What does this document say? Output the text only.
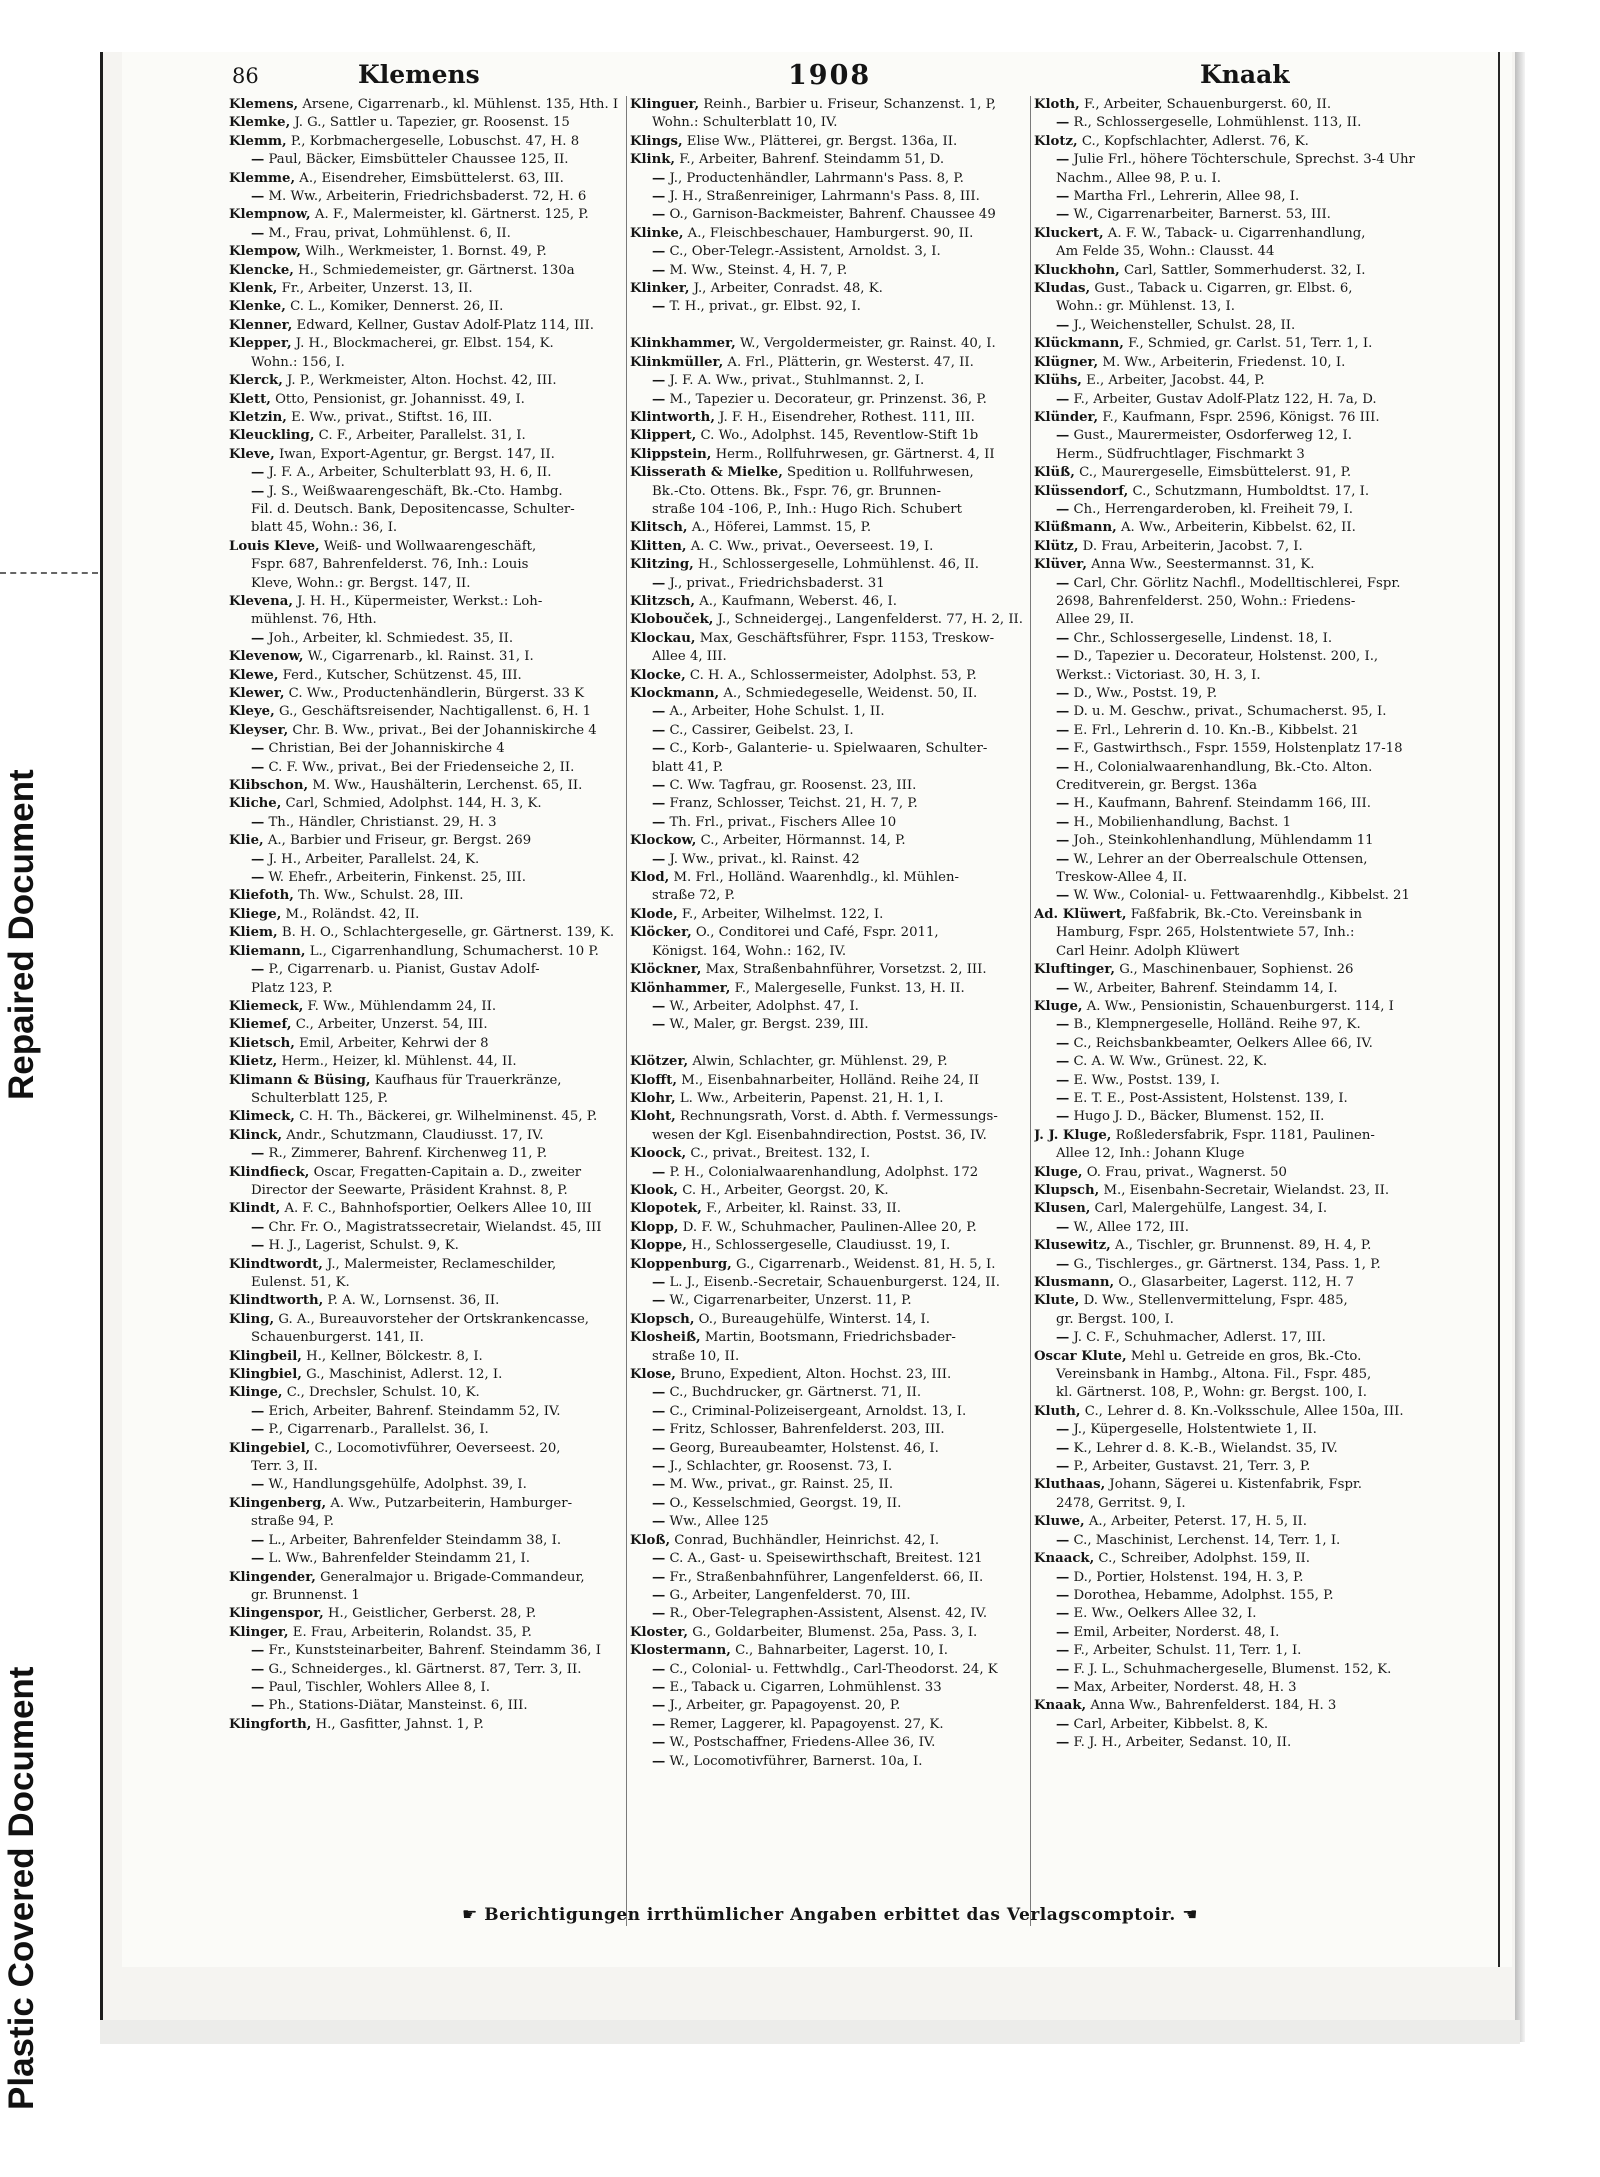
Repaired Document
Plastic Covered Document
86	Klemens	1908	Knaak
Klemens, Arsene, Cigarrenarb., kl. Mühlenst. 135, Hth. I
Klemke, J. G., Sattler u. Tapezier, gr. Roosenst. 15
Klemm, P., Korbmachergeselle, Lobuschst. 47, H. 8
— Paul, Bäcker, Eimsbütteler Chaussee 125, II.
Klemme, A., Eisendreher, Eimsbüttelerst. 63, III.
— M. Ww., Arbeiterin, Friedrichsbaderst. 72, H. 6
Klempnow, A. F., Malermeister, kl. Gärtnerst. 125, P.
— M., Frau, privat, Lohmühlenst. 6, II.
Klempow, Wilh., Werkmeister, 1. Bornst. 49, P.
Klencke, H., Schmiedemeister, gr. Gärtnerst. 130a
Klenk, Fr., Arbeiter, Unzerst. 13, II.
Klenke, C. L., Komiker, Dennerst. 26, II.
Klenner, Edward, Kellner, Gustav Adolf-Platz 114, III.
Klepper, J. H., Blockmacherei, gr. Elbst. 154, K.
Wohn.: 156, I.
Klerck, J. P., Werkmeister, Alton. Hochst. 42, III.
Klett, Otto, Pensionist, gr. Johannisst. 49, I.
Kletzin, E. Ww., privat., Stiftst. 16, III.
Kleuckling, C. F., Arbeiter, Parallelst. 31, I.
Kleve, Iwan, Export-Agentur, gr. Bergst. 147, II.
— J. F. A., Arbeiter, Schulterblatt 93, H. 6, II.
— J. S., Weißwaarengeschäft, Bk.-Cto. Hambg.
Fil. d. Deutsch. Bank, Depositencasse, Schulter-
blatt 45, Wohn.: 36, I.
Louis Kleve, Weiß- und Wollwaarengeschäft,
Fspr. 687, Bahrenfelderst. 76, Inh.: Louis
Kleve, Wohn.: gr. Bergst. 147, II.
Klevena, J. H. H., Küpermeister, Werkst.: Loh-
mühlenst. 76, Hth.
— Joh., Arbeiter, kl. Schmiedest. 35, II.
Klevenow, W., Cigarrenarb., kl. Rainst. 31, I.
Klewe, Ferd., Kutscher, Schützenst. 45, III.
Klewer, C. Ww., Productenhändlerin, Bürgerst. 33 K
Kleye, G., Geschäftsreisender, Nachtigallenst. 6, H. 1
Kleyser, Chr. B. Ww., privat., Bei der Johanniskirche 4
— Christian, Bei der Johanniskirche 4
— C. F. Ww., privat., Bei der Friedenseiche 2, II.
Klibschon, M. Ww., Haushälterin, Lerchenst. 65, II.
Kliche, Carl, Schmied, Adolphst. 144, H. 3, K.
— Th., Händler, Christianst. 29, H. 3
Klie, A., Barbier und Friseur, gr. Bergst. 269
— J. H., Arbeiter, Parallelst. 24, K.
— W. Ehefr., Arbeiterin, Finkenst. 25, III.
Kliefoth, Th. Ww., Schulst. 28, III.
Kliege, M., Roländst. 42, II.
Kliem, B. H. O., Schlachtergeselle, gr. Gärtnerst. 139, K.
Kliemann, L., Cigarrenhandlung, Schumacherst. 10 P.
— P., Cigarrenarb. u. Pianist, Gustav Adolf-
Platz 123, P.
Kliemeck, F. Ww., Mühlendamm 24, II.
Kliemef, C., Arbeiter, Unzerst. 54, III.
Klietsch, Emil, Arbeiter, Kehrwi der 8
Klietz, Herm., Heizer, kl. Mühlenst. 44, II.
Klimann & Büsing, Kaufhaus für Trauerkränze,
Schulterblatt 125, P.
Klimeck, C. H. Th., Bäckerei, gr. Wilhelminenst. 45, P.
Klinck, Andr., Schutzmann, Claudiusst. 17, IV.
— R., Zimmerer, Bahrenf. Kirchenweg 11, P.
Klindfieck, Oscar, Fregatten-Capitain a. D., zweiter
Director der Seewarte, Präsident Krahnst. 8, P.
Klindt, A. F. C., Bahnhofsportier, Oelkers Allee 10, III
— Chr. Fr. O., Magistratssecretair, Wielandst. 45, III
— H. J., Lagerist, Schulst. 9, K.
Klindtwordt, J., Malermeister, Reclameschilder,
Eulenst. 51, K.
Klindtworth, P. A. W., Lornsenst. 36, II.
Kling, G. A., Bureauvorsteher der Ortskrankencasse,
Schauenburgerst. 141, II.
Klingbeil, H., Kellner, Bölckestr. 8, I.
Klingbiel, G., Maschinist, Adlerst. 12, I.
Klinge, C., Drechsler, Schulst. 10, K.
— Erich, Arbeiter, Bahrenf. Steindamm 52, IV.
— P., Cigarrenarb., Parallelst. 36, I.
Klingebiel, C., Locomotivführer, Oeverseest. 20,
Terr. 3, II.
— W., Handlungsgehülfe, Adolphst. 39, I.
Klingenberg, A. Ww., Putzarbeiterin, Hamburger-
straße 94, P.
— L., Arbeiter, Bahrenfelder Steindamm 38, I.
— L. Ww., Bahrenfelder Steindamm 21, I.
Klingender, Generalmajor u. Brigade-Commandeur,
gr. Brunnenst. 1
Klingenspor, H., Geistlicher, Gerberst. 28, P.
Klinger, E. Frau, Arbeiterin, Rolandst. 35, P.
— Fr., Kunststeinarbeiter, Bahrenf. Steindamm 36, I
— G., Schneiderges., kl. Gärtnerst. 87, Terr. 3, II.
— Paul, Tischler, Wohlers Allee 8, I.
— Ph., Stations-Diätar, Mansteinst. 6, III.
Klingforth, H., Gasfitter, Jahnst. 1, P.
Klinguer, Reinh., Barbier u. Friseur, Schanzenst. 1, P,
Wohn.: Schulterblatt 10, IV.
Klings, Elise Ww., Plätterei, gr. Bergst. 136a, II.
Klink, F., Arbeiter, Bahrenf. Steindamm 51, D.
— J., Productenhändler, Lahrmann's Pass. 8, P.
— J. H., Straßenreiniger, Lahrmann's Pass. 8, III.
— O., Garnison-Backmeister, Bahrenf. Chaussee 49
Klinke, A., Fleischbeschauer, Hamburgerst. 90, II.
— C., Ober-Telegr.-Assistent, Arnoldst. 3, I.
— M. Ww., Steinst. 4, H. 7, P.
Klinker, J., Arbeiter, Conradst. 48, K.
— T. H., privat., gr. Elbst. 92, I.

Klinkhammer, W., Vergoldermeister, gr. Rainst. 40, I.
Klinkmüller, A. Frl., Plätterin, gr. Westerst. 47, II.
— J. F. A. Ww., privat., Stuhlmannst. 2, I.
— M., Tapezier u. Decorateur, gr. Prinzenst. 36, P.
Klintworth, J. F. H., Eisendreher, Rothest. 111, III.
Klippert, C. Wo., Adolphst. 145, Reventlow-Stift 1b
Klippstein, Herm., Rollfuhrwesen, gr. Gärtnerst. 4, II
Klisserath & Mielke, Spedition u. Rollfuhrwesen,
Bk.-Cto. Ottens. Bk., Fspr. 76, gr. Brunnen-
straße 104 -106, P., Inh.: Hugo Rich. Schubert
Klitsch, A., Höferei, Lammst. 15, P.
Klitten, A. C. Ww., privat., Oeverseest. 19, I.
Klitzing, H., Schlossergeselle, Lohmühlenst. 46, II.
— J., privat., Friedrichsbaderst. 31
Klitzsch, A., Kaufmann, Weberst. 46, I.
Klobouček, J., Schneidergej., Langenfelderst. 77, H. 2, II.
Klockau, Max, Geschäftsführer, Fspr. 1153, Treskow-
Allee 4, III.
Klocke, C. H. A., Schlossermeister, Adolphst. 53, P.
Klockmann, A., Schmiedegeselle, Weidenst. 50, II.
— A., Arbeiter, Hohe Schulst. 1, II.
— C., Cassirer, Geibelst. 23, I.
— C., Korb-, Galanterie- u. Spielwaaren, Schulter-
blatt 41, P.
— C. Ww. Tagfrau, gr. Roosenst. 23, III.
— Franz, Schlosser, Teichst. 21, H. 7, P.
— Th. Frl., privat., Fischers Allee 10
Klockow, C., Arbeiter, Hörmannst. 14, P.
— J. Ww., privat., kl. Rainst. 42
Klod, M. Frl., Holländ. Waarenhdlg., kl. Mühlen-
straße 72, P.
Klode, F., Arbeiter, Wilhelmst. 122, I.
Klöcker, O., Conditorei und Café, Fspr. 2011,
Königst. 164, Wohn.: 162, IV.
Klöckner, Max, Straßenbahnführer, Vorsetzst. 2, III.
Klönhammer, F., Malergeselle, Funkst. 13, H. II.
— W., Arbeiter, Adolphst. 47, I.
— W., Maler, gr. Bergst. 239, III.

Klötzer, Alwin, Schlachter, gr. Mühlenst. 29, P.
Klofft, M., Eisenbahnarbeiter, Holländ. Reihe 24, II
Klohr, L. Ww., Arbeiterin, Papenst. 21, H. 1, I.
Kloht, Rechnungsrath, Vorst. d. Abth. f. Vermessungs-
wesen der Kgl. Eisenbahndirection, Postst. 36, IV.
Kloock, C., privat., Breitest. 132, I.
— P. H., Colonialwaarenhandlung, Adolphst. 172
Klook, C. H., Arbeiter, Georgst. 20, K.
Klopotek, F., Arbeiter, kl. Rainst. 33, II.
Klopp, D. F. W., Schuhmacher, Paulinen-Allee 20, P.
Kloppe, H., Schlossergeselle, Claudiusst. 19, I.
Kloppenburg, G., Cigarrenarb., Weidenst. 81, H. 5, I.
— L. J., Eisenb.-Secretair, Schauenburgerst. 124, II.
— W., Cigarrenarbeiter, Unzerst. 11, P.
Klopsch, O., Bureaugehülfe, Winterst. 14, I.
Klosheiß, Martin, Bootsmann, Friedrichsbader-
straße 10, II.
Klose, Bruno, Expedient, Alton. Hochst. 23, III.
— C., Buchdrucker, gr. Gärtnerst. 71, II.
— C., Criminal-Polizeisergeant, Arnoldst. 13, I.
— Fritz, Schlosser, Bahrenfelderst. 203, III.
— Georg, Bureaubeamter, Holstenst. 46, I.
— J., Schlachter, gr. Roosenst. 73, I.
— M. Ww., privat., gr. Rainst. 25, II.
— O., Kesselschmied, Georgst. 19, II.
— Ww., Allee 125
Kloß, Conrad, Buchhändler, Heinrichst. 42, I.
— C. A., Gast- u. Speisewirthschaft, Breitest. 121
— Fr., Straßenbahnführer, Langenfelderst. 66, II.
— G., Arbeiter, Langenfelderst. 70, III.
— R., Ober-Telegraphen-Assistent, Alsenst. 42, IV.
Kloster, G., Goldarbeiter, Blumenst. 25a, Pass. 3, I.
Klostermann, C., Bahnarbeiter, Lagerst. 10, I.
— C., Colonial- u. Fettwhdlg., Carl-Theodorst. 24, K
— E., Taback u. Cigarren, Lohmühlenst. 33
— J., Arbeiter, gr. Papagoyenst. 20, P.
— Remer, Laggerer, kl. Papagoyenst. 27, K.
— W., Postschaffner, Friedens-Allee 36, IV.
— W., Locomotivführer, Barnerst. 10a, I.
Kloth, F., Arbeiter, Schauenburgerst. 60, II.
— R., Schlossergeselle, Lohmühlenst. 113, II.
Klotz, C., Kopfschlachter, Adlerst. 76, K.
— Julie Frl., höhere Töchterschule, Sprechst. 3-4 Uhr
Nachm., Allee 98, P. u. I.
— Martha Frl., Lehrerin, Allee 98, I.
— W., Cigarrenarbeiter, Barnerst. 53, III.
Kluckert, A. F. W., Taback- u. Cigarrenhandlung,
Am Felde 35, Wohn.: Clausst. 44
Kluckhohn, Carl, Sattler, Sommerhuderst. 32, I.
Kludas, Gust., Taback u. Cigarren, gr. Elbst. 6,
Wohn.: gr. Mühlenst. 13, I.
— J., Weichensteller, Schulst. 28, II.
Klückmann, F., Schmied, gr. Carlst. 51, Terr. 1, I.
Klügner, M. Ww., Arbeiterin, Friedenst. 10, I.
Klühs, E., Arbeiter, Jacobst. 44, P.
— F., Arbeiter, Gustav Adolf-Platz 122, H. 7a, D.
Klünder, F., Kaufmann, Fspr. 2596, Königst. 76 III.
— Gust., Maurermeister, Osdorferweg 12, I.
Herm., Südfruchtlager, Fischmarkt 3
Klüß, C., Maurergeselle, Eimsbüttelerst. 91, P.
Klüssendorf, C., Schutzmann, Humboldtst. 17, I.
— Ch., Herrengarderoben, kl. Freiheit 79, I.
Klüßmann, A. Ww., Arbeiterin, Kibbelst. 62, II.
Klütz, D. Frau, Arbeiterin, Jacobst. 7, I.
Klüver, Anna Ww., Seestermannst. 31, K.
— Carl, Chr. Görlitz Nachfl., Modelltischlerei, Fspr.
2698, Bahrenfelderst. 250, Wohn.: Friedens-
Allee 29, II.
— Chr., Schlossergeselle, Lindenst. 18, I.
— D., Tapezier u. Decorateur, Holstenst. 200, I.,
Werkst.: Victoriast. 30, H. 3, I.
— D., Ww., Postst. 19, P.
— D. u. M. Geschw., privat., Schumacherst. 95, I.
— E. Frl., Lehrerin d. 10. Kn.-B., Kibbelst. 21
— F., Gastwirthsch., Fspr. 1559, Holstenplatz 17-18
— H., Colonialwaarenhandlung, Bk.-Cto. Alton.
Creditverein, gr. Bergst. 136a
— H., Kaufmann, Bahrenf. Steindamm 166, III.
— H., Mobilienhandlung, Bachst. 1
— Joh., Steinkohlenhandlung, Mühlendamm 11
— W., Lehrer an der Oberrealschule Ottensen,
Treskow-Allee 4, II.
— W. Ww., Colonial- u. Fettwaarenhdlg., Kibbelst. 21
Ad. Klüwert, Faßfabrik, Bk.-Cto. Vereinsbank in
Hamburg, Fspr. 265, Holstentwiete 57, Inh.:
Carl Heinr. Adolph Klüwert
Kluftinger, G., Maschinenbauer, Sophienst. 26
— W., Arbeiter, Bahrenf. Steindamm 14, I.
Kluge, A. Ww., Pensionistin, Schauenburgerst. 114, I
— B., Klempnergeselle, Holländ. Reihe 97, K.
— C., Reichsbankbeamter, Oelkers Allee 66, IV.
— C. A. W. Ww., Grünest. 22, K.
— E. Ww., Postst. 139, I.
— E. T. E., Post-Assistent, Holstenst. 139, I.
— Hugo J. D., Bäcker, Blumenst. 152, II.
J. J. Kluge, Roßledersfabrik, Fspr. 1181, Paulinen-
Allee 12, Inh.: Johann Kluge
Kluge, O. Frau, privat., Wagnerst. 50
Klupsch, M., Eisenbahn-Secretair, Wielandst. 23, II.
Klusen, Carl, Malergehülfe, Langest. 34, I.
— W., Allee 172, III.
Klusewitz, A., Tischler, gr. Brunnenst. 89, H. 4, P.
— G., Tischlerges., gr. Gärtnerst. 134, Pass. 1, P.
Klusmann, O., Glasarbeiter, Lagerst. 112, H. 7
Klute, D. Ww., Stellenvermittelung, Fspr. 485,
gr. Bergst. 100, I.
— J. C. F., Schuhmacher, Adlerst. 17, III.
Oscar Klute, Mehl u. Getreide en gros, Bk.-Cto.
Vereinsbank in Hambg., Altona. Fil., Fspr. 485,
kl. Gärtnerst. 108, P., Wohn: gr. Bergst. 100, I.
Kluth, C., Lehrer d. 8. Kn.-Volksschule, Allee 150a, III.
— J., Küpergeselle, Holstentwiete 1, II.
— K., Lehrer d. 8. K.-B., Wielandst. 35, IV.
— P., Arbeiter, Gustavst. 21, Terr. 3, P.
Kluthaas, Johann, Sägerei u. Kistenfabrik, Fspr.
2478, Gerritst. 9, I.
Kluwe, A., Arbeiter, Peterst. 17, H. 5, II.
— C., Maschinist, Lerchenst. 14, Terr. 1, I.
Knaack, C., Schreiber, Adolphst. 159, II.
— D., Portier, Holstenst. 194, H. 3, P.
— Dorothea, Hebamme, Adolphst. 155, P.
— E. Ww., Oelkers Allee 32, I.
— Emil, Arbeiter, Norderst. 48, I.
— F., Arbeiter, Schulst. 11, Terr. 1, I.
— F. J. L., Schuhmachergeselle, Blumenst. 152, K.
— Max, Arbeiter, Norderst. 48, H. 3
Knaak, Anna Ww., Bahrenfelderst. 184, H. 3
— Carl, Arbeiter, Kibbelst. 8, K.
— F. J. H., Arbeiter, Sedanst. 10, II.
☛ Berichtigungen irrthümlicher Angaben erbittet das Verlagscomptoir. ☚
